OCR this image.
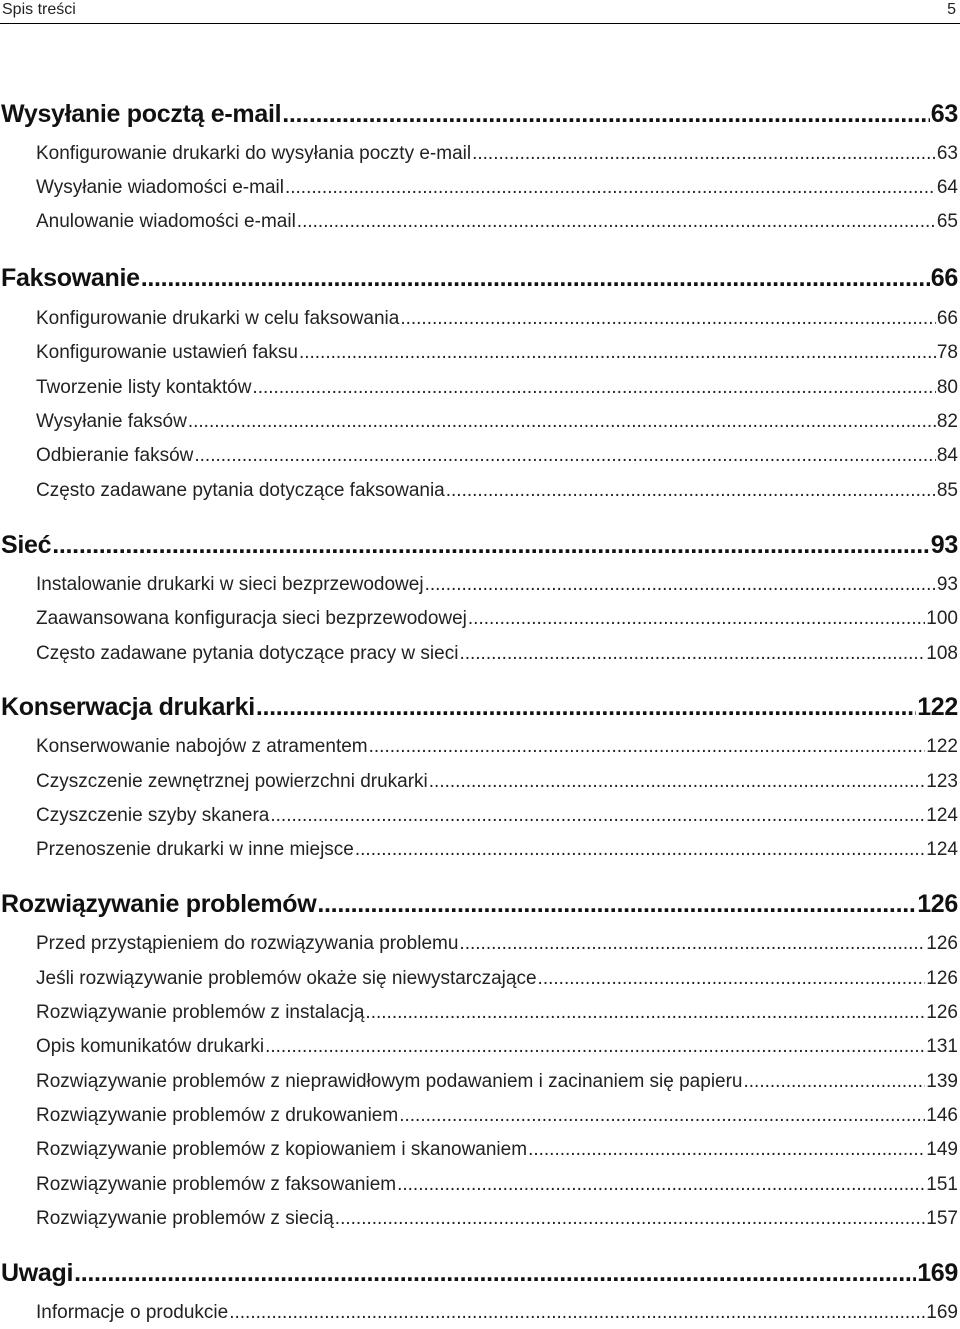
Spis treści	5
Wysyłanie pocztą e-mail .....	63
Konfigurowanie drukarki do wysyłania poczty e-mail .....	63
Wysyłanie wiadomości e-mail .....	64
Anulowanie wiadomości e-mail .....	65
Faksowanie .....	66
Konfigurowanie drukarki w celu faksowania .....	66
Konfigurowanie ustawień faksu .....	78
Tworzenie listy kontaktów .....	80
Wysyłanie faksów .....	82
Odbieranie faksów .....	84
Często zadawane pytania dotyczące faksowania .....	85
Sieć .....	93
Instalowanie drukarki w sieci bezprzewodowej .....	93
Zaawansowana konfiguracja sieci bezprzewodowej .....	100
Często zadawane pytania dotyczące pracy w sieci .....	108
Konserwacja drukarki .....	122
Konserwowanie nabojów z atramentem .....	122
Czyszczenie zewnętrznej powierzchni drukarki .....	123
Czyszczenie szyby skanera .....	124
Przenoszenie drukarki w inne miejsce .....	124
Rozwiązywanie problemów .....	126
Przed przystąpieniem do rozwiązywania problemu .....	126
Jeśli rozwiązywanie problemów okaże się niewystarczające .....	126
Rozwiązywanie problemów z instalacją .....	126
Opis komunikatów drukarki .....	131
Rozwiązywanie problemów z nieprawidłowym podawaniem i zacinaniem się papieru .....	139
Rozwiązywanie problemów z drukowaniem .....	146
Rozwiązywanie problemów z kopiowaniem i skanowaniem .....	149
Rozwiązywanie problemów z faksowaniem .....	151
Rozwiązywanie problemów z siecią .....	157
Uwagi .....	169
Informacje o produkcie .....	169
